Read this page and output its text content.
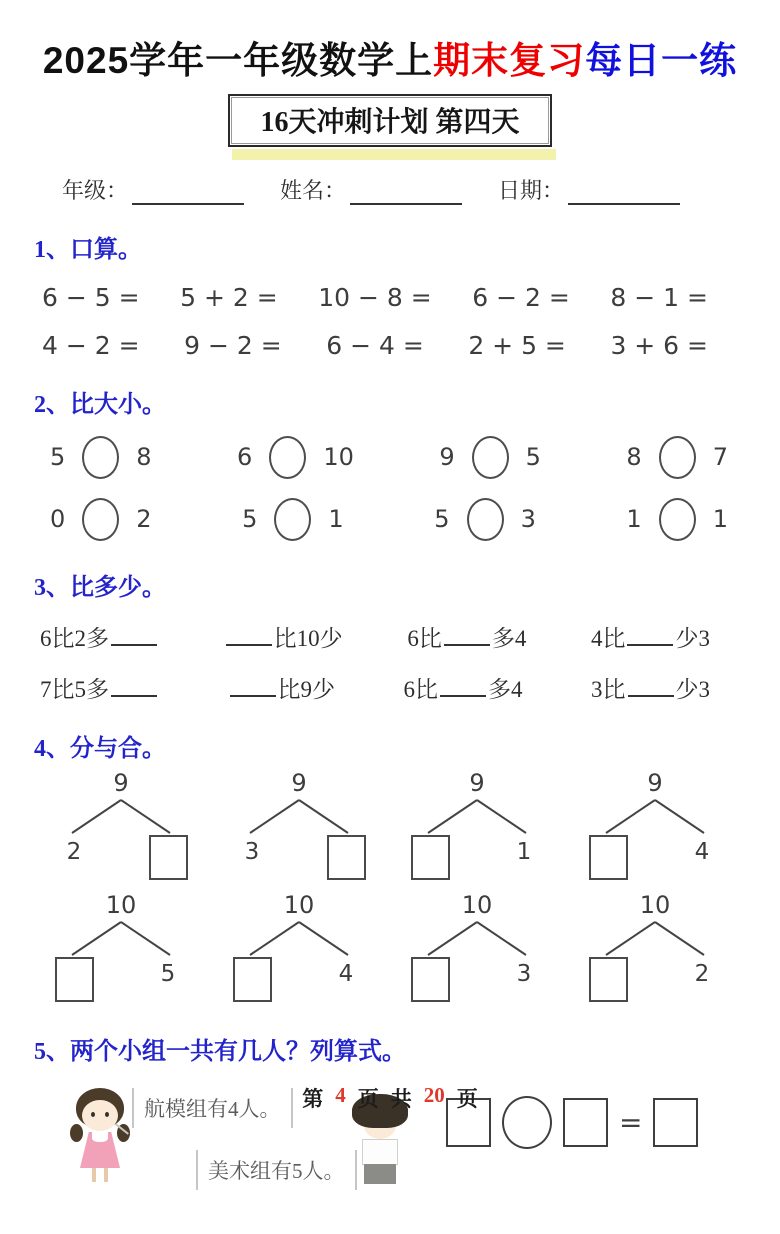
2025学年一年级数学上期末复习每日一练
16天冲刺计划 第四天
年级：	姓名：	日期：
1、口算。
6 − 5 = 5 + 2 = 10 − 8 = 6 − 2 = 8 − 1 =
4 − 2 = 9 − 2 = 6 − 4 = 2 + 5 = 3 + 6 =
2、比大小。
5	8	6	10	9	5	8	7
0	2	5	1	5	3	1	1
3、比多少。
6比2多	比10少	6比 多4	4比 少3
7比5多	比9少	6比 多4	3比 少3
4、分与合。
9
2
9
3
9
1
9
4
10
5
10
4
10
3
10
2
5、两个小组一共有几人？列算式。
航模组有4人。
美术组有5人。
=
第 4 页 共 20 页
